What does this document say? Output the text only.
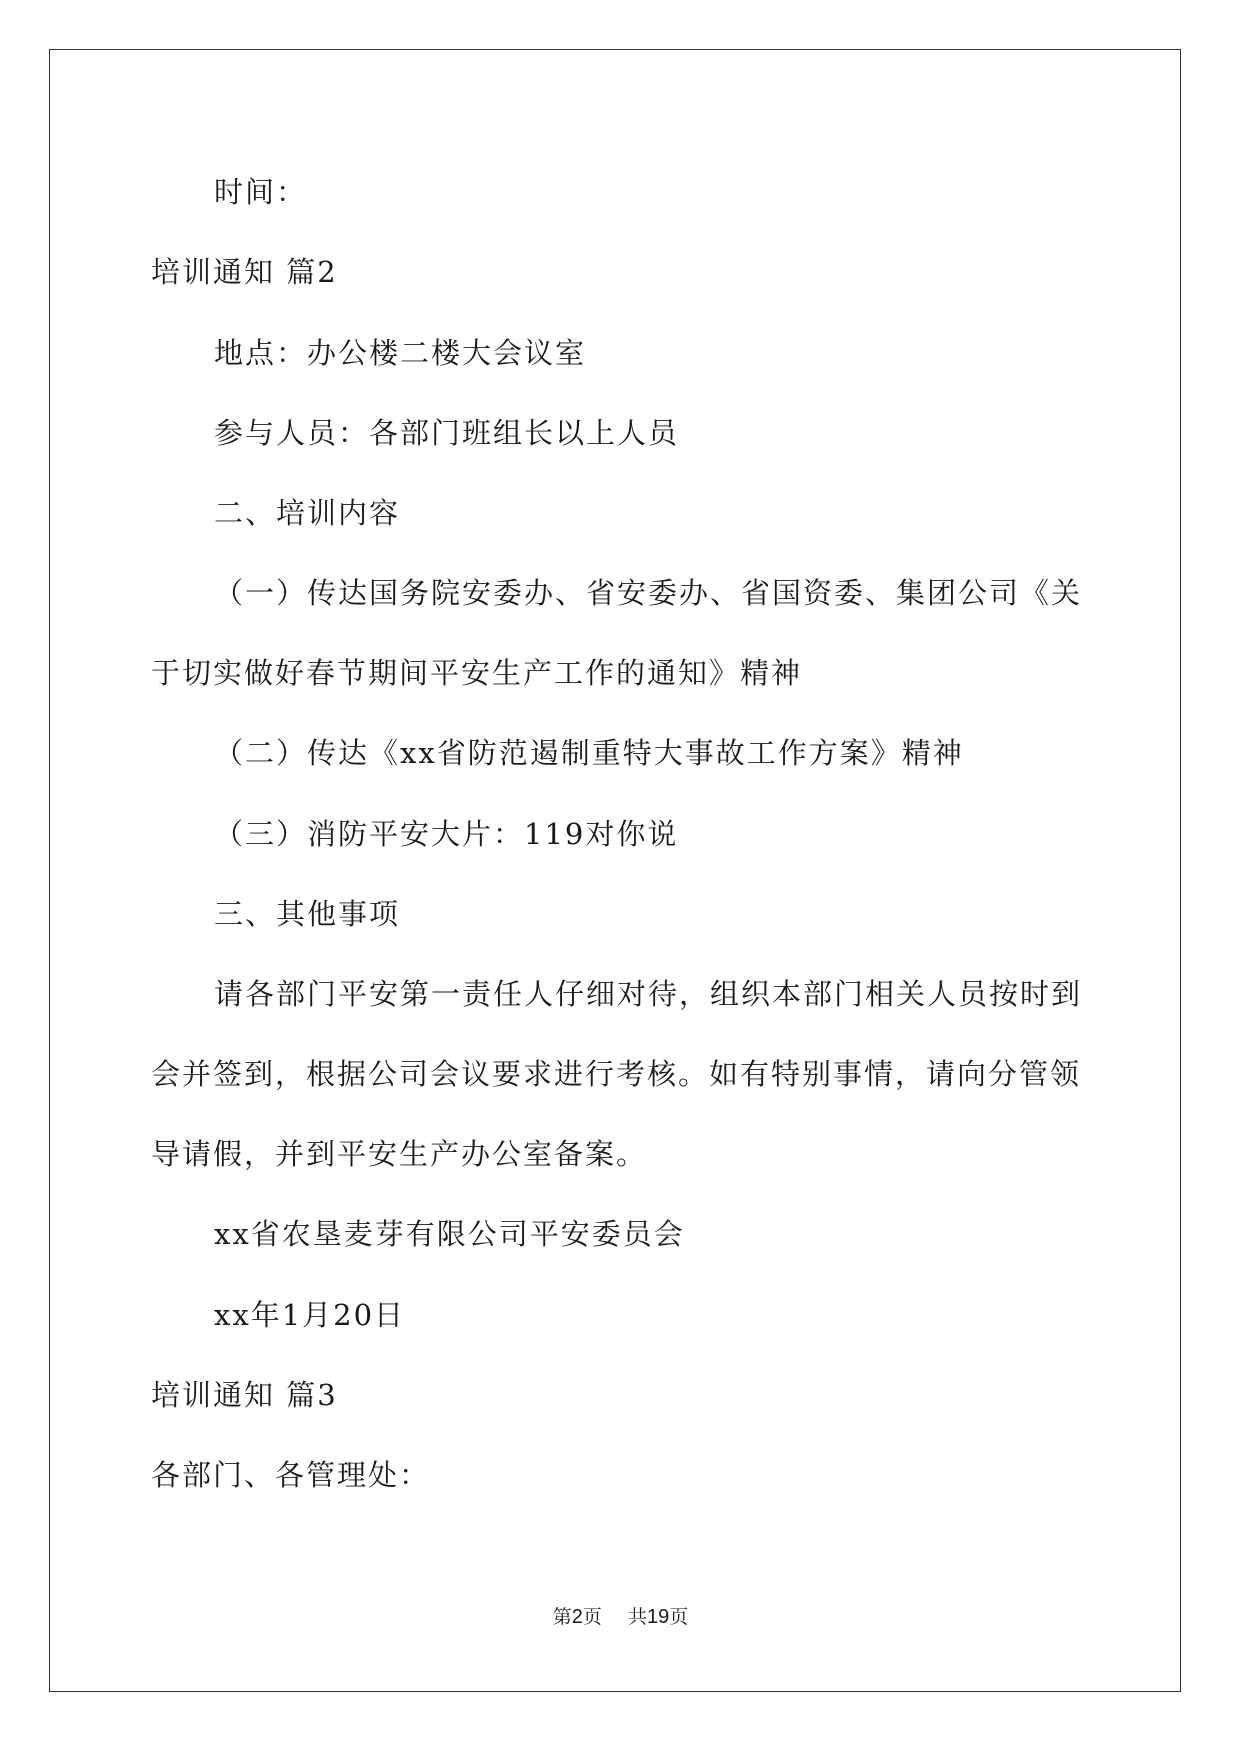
时间：

培训通知 篇2

地点：办公楼二楼大会议室

参与人员：各部门班组长以上人员

二、培训内容

（一）传达国务院安委办、省安委办、省国资委、集团公司《关

于切实做好春节期间平安生产工作的通知》精神

（二）传达《xx省防范遏制重特大事故工作方案》精神

（三）消防平安大片：119对你说

三、其他事项

请各部门平安第一责任人仔细对待，组织本部门相关人员按时到

会并签到，根据公司会议要求进行考核。如有特别事情，请向分管领

导请假，并到平安生产办公室备案。

xx省农垦麦芽有限公司平安委员会

xx年1月20日

培训通知 篇3

各部门、各管理处：

第2页 共19页
